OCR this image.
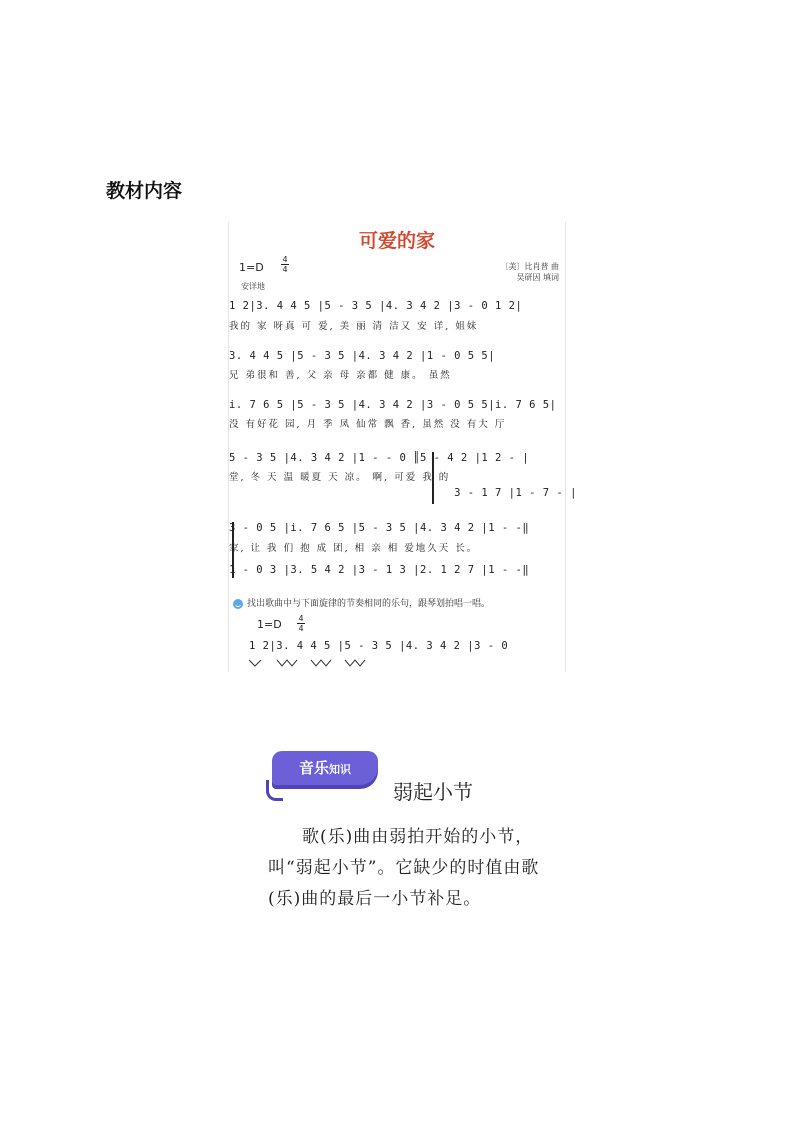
教材内容
可爱的家
1=D
4
4
安详地
〔美〕比肖普 曲
吴研因 填词
1 2|3. 4 4 5 |5 - 3 5 |4. 3 4 2 |3 - 0 1 2|
我的 家 呀真 可 爱, 美 丽 清 洁又 安 详, 姐妹
3. 4 4 5 |5 - 3 5 |4. 3 4 2 |1 - 0 5 5|
兄 弟很和 善, 父 亲 母 亲都 健 康。 虽然
i. 7 6 5 |5 - 3 5 |4. 3 4 2 |3 - 0 5 5|i. 7 6 5|
没 有好花 园, 月 季 凤 仙常 飘 香, 虽然 没 有大 厅
5 - 3 5 |4. 3 4 2 |1 - - 0 ║5 - 4 2 |1 2 - |
堂, 冬 天 温 暖夏 天 凉。 啊, 可爱 我 的
3 - 1 7 |1 - 7 - |
3 - 0 5 |i. 7 6 5 |5 - 3 5 |4. 3 4 2 |1 - -‖
家, 让 我 们 抱 成 团, 相 亲 相 爱地久天 长。
1 - 0 3 |3. 5 4 2 |3 - 1 3 |2. 1 2 7 |1 - -‖
找出歌曲中与下面旋律的节奏相同的乐句，跟琴划拍唱一唱。
1=D 4
4
1 2|3. 4 4 5 |5 - 3 5 |4. 3 4 2 |3 - 0
音乐知识
弱起小节
歌(乐)曲由弱拍开始的小节，叫“弱起小节”。它缺少的时值由歌(乐)曲的最后一小节补足。
